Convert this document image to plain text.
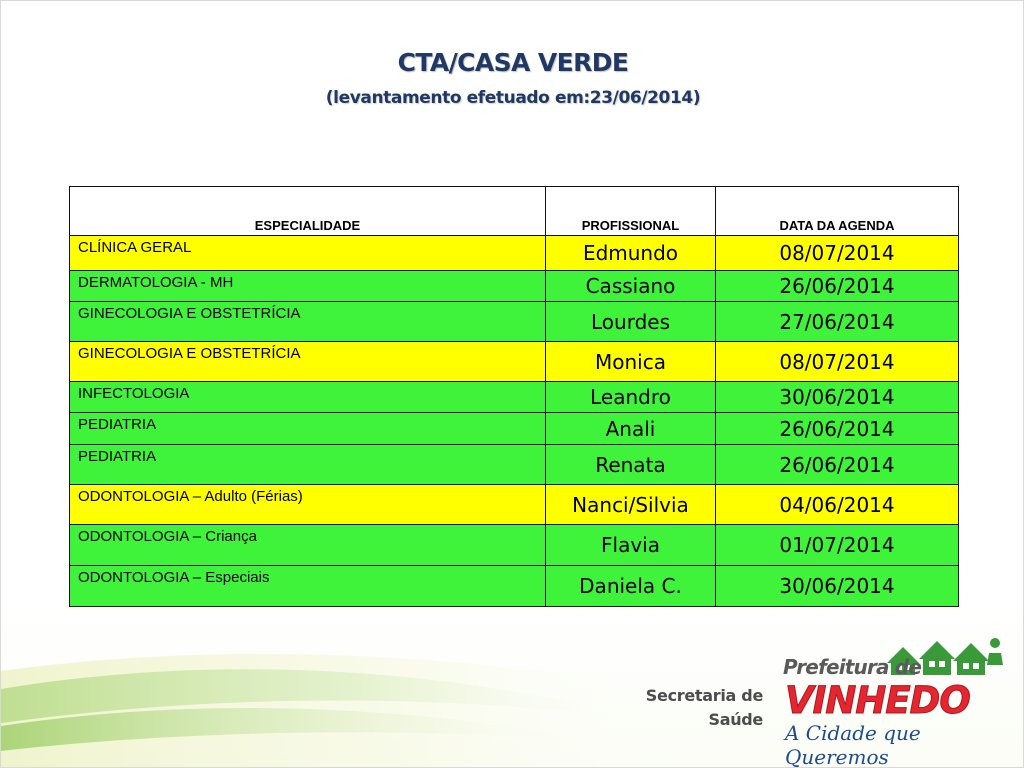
CTA/CASA VERDE
(levantamento efetuado em:23/06/2014)
ESPECIALIDADE	PROFISSIONAL	DATA DA AGENDA
CLÍNICA GERAL	Edmundo	08/07/2014
DERMATOLOGIA - MH	Cassiano	26/06/2014
GINECOLOGIA E OBSTETRÍCIA	Lourdes	27/06/2014
GINECOLOGIA E OBSTETRÍCIA	Monica	08/07/2014
INFECTOLOGIA	Leandro	30/06/2014
PEDIATRIA	Anali	26/06/2014
PEDIATRIA	Renata	26/06/2014
ODONTOLOGIA – Adulto (Férias)	Nanci/Silvia	04/06/2014
ODONTOLOGIA – Criança	Flavia	01/07/2014
ODONTOLOGIA – Especiais	Daniela C.	30/06/2014
Secretaria de
Saúde
Prefeitura de
VINHEDO
A Cidade que Queremos
